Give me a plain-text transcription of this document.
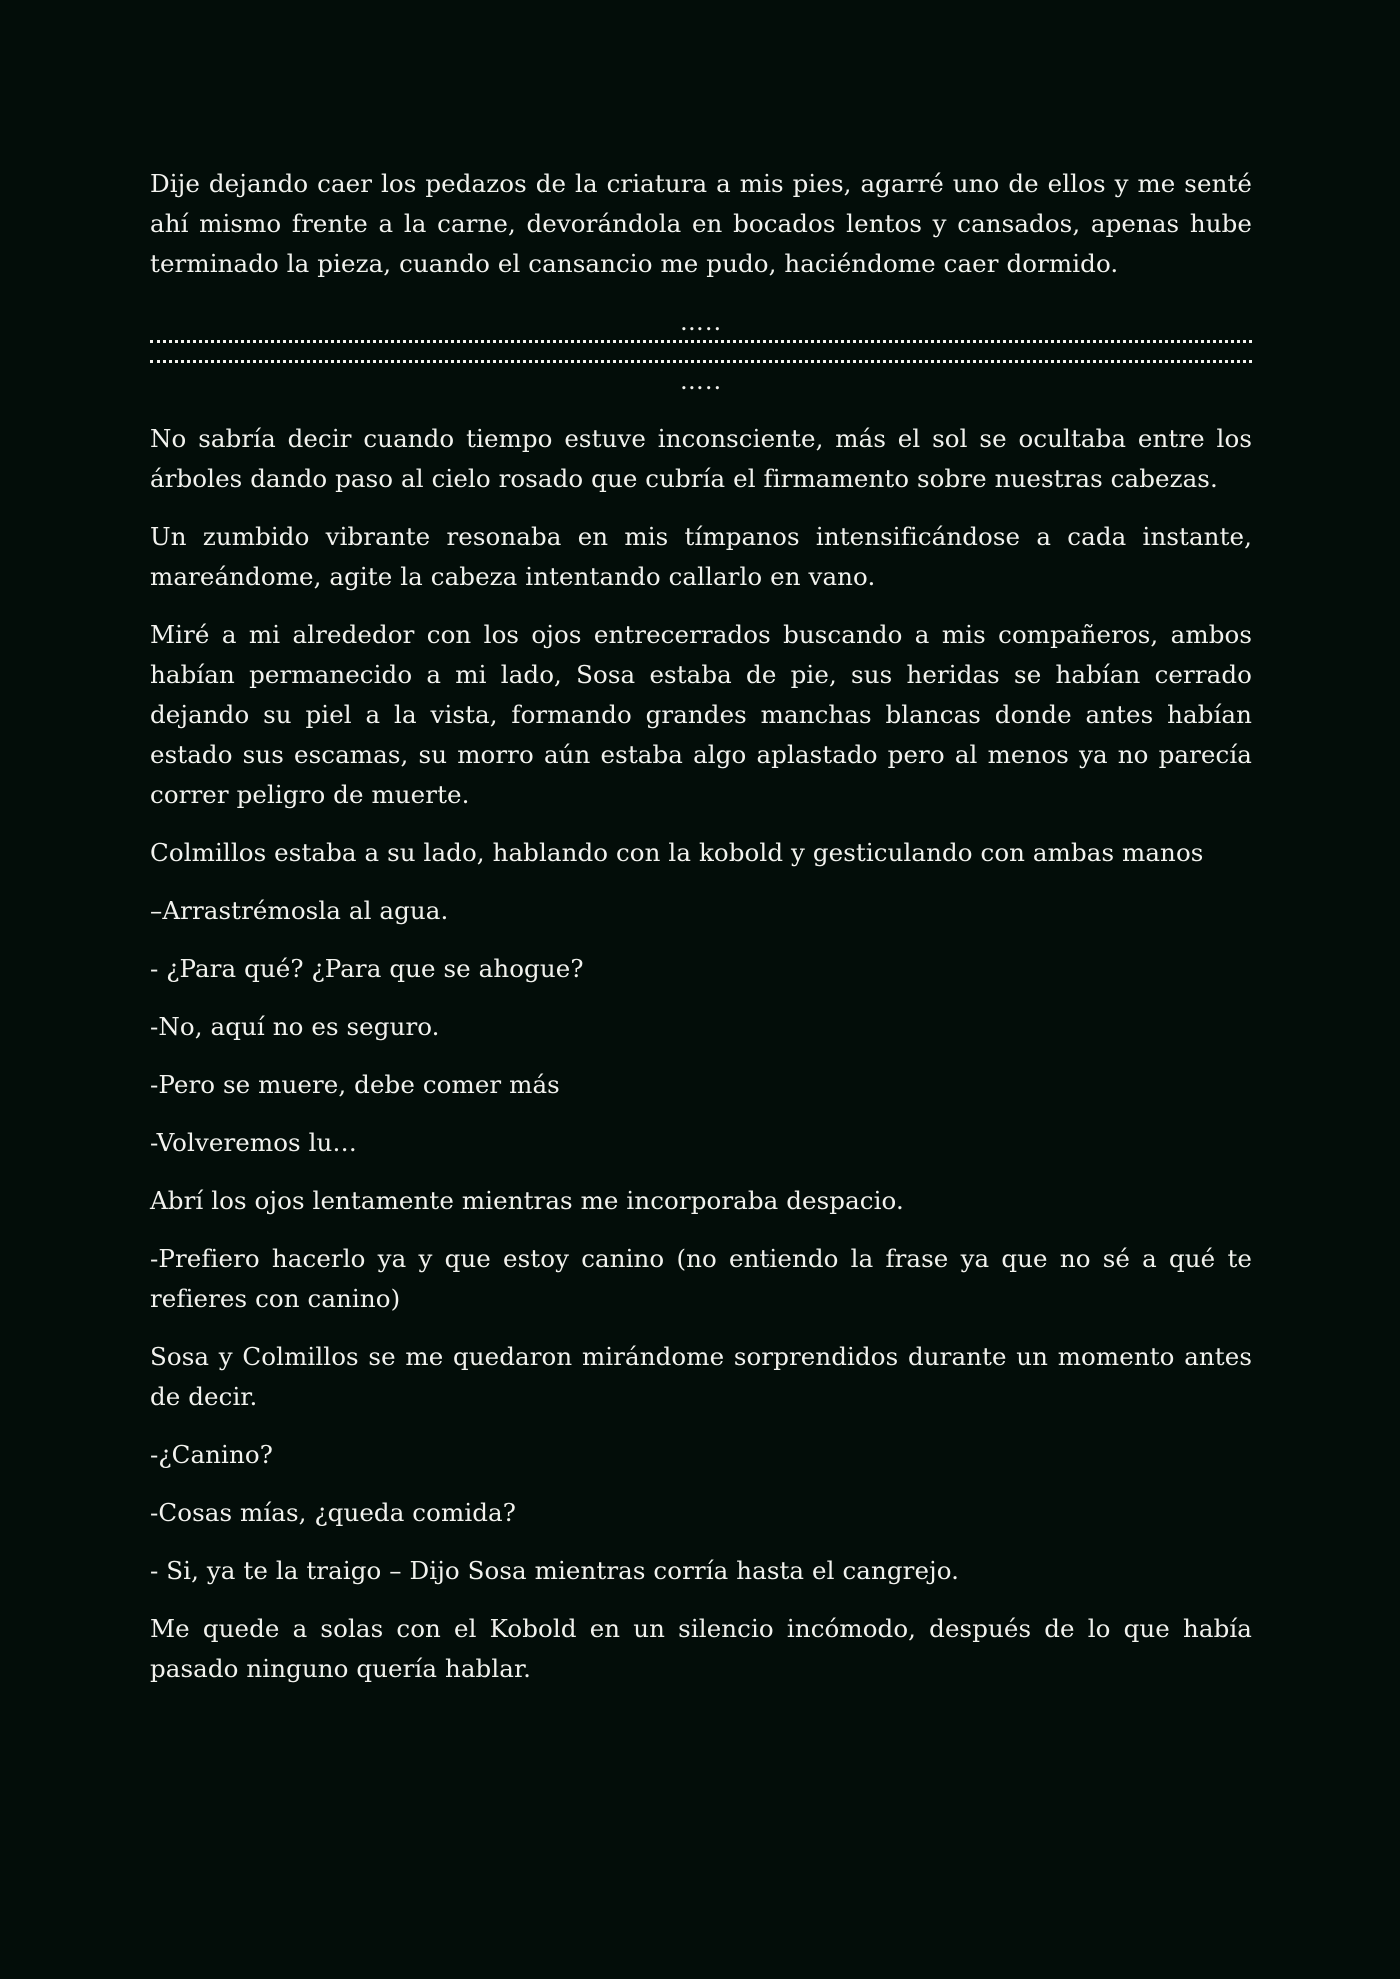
Dije dejando caer los pedazos de la criatura a mis pies, agarré uno de ellos y me senté ahí mismo frente a la carne, devorándola en bocados lentos y cansados, apenas hube terminado la pieza, cuando el cansancio me pudo, haciéndome caer dormido.

…..
…..

No sabría decir cuando tiempo estuve inconsciente, más el sol se ocultaba entre los árboles dando paso al cielo rosado que cubría el firmamento sobre nuestras cabezas.

Un zumbido vibrante resonaba en mis tímpanos intensificándose a cada instante, mareándome, agite la cabeza intentando callarlo en vano.

Miré a mi alrededor con los ojos entrecerrados buscando a mis compañeros, ambos habían permanecido a mi lado, Sosa estaba de pie, sus heridas se habían cerrado dejando su piel a la vista, formando grandes manchas blancas donde antes habían estado sus escamas, su morro aún estaba algo aplastado pero al menos ya no parecía correr peligro de muerte.

Colmillos estaba a su lado, hablando con la kobold y gesticulando con ambas manos

–Arrastrémosla al agua.

- ¿Para qué? ¿Para que se ahogue?

-No, aquí no es seguro.

-Pero se muere, debe comer más

-Volveremos lu…

Abrí los ojos lentamente mientras me incorporaba despacio.

-Prefiero hacerlo ya y que estoy canino (no entiendo la frase ya que no sé a qué te refieres con canino)

Sosa y Colmillos se me quedaron mirándome sorprendidos durante un momento antes de decir.

-¿Canino?

-Cosas mías, ¿queda comida?

- Si, ya te la traigo – Dijo Sosa mientras corría hasta el cangrejo.

Me quede a solas con el Kobold en un silencio incómodo, después de lo que había pasado ninguno quería hablar.
